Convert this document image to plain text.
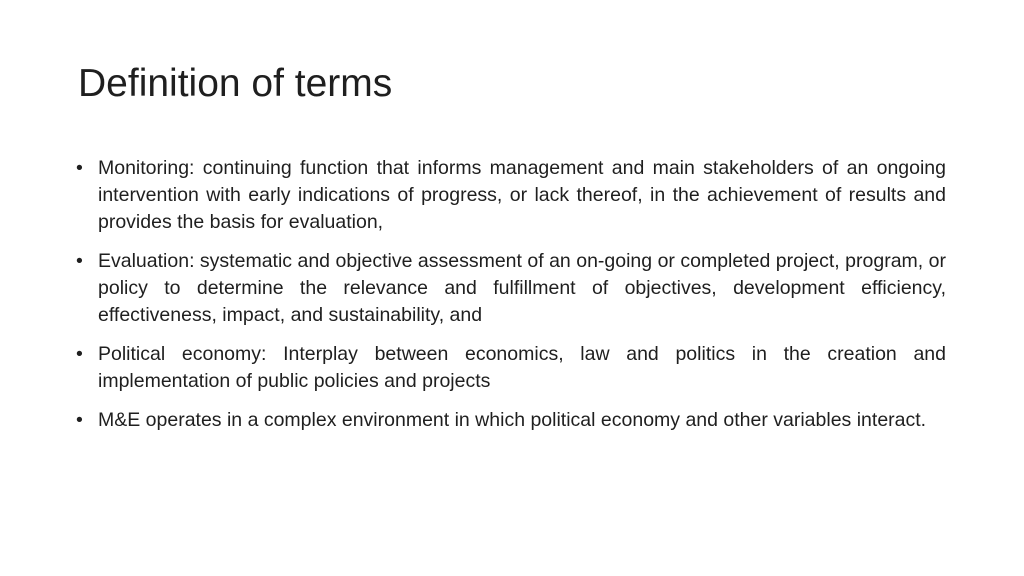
Definition of terms
• Monitoring: continuing function that informs management and main stakeholders of an ongoing intervention with early indications of progress, or lack thereof, in the achievement of results and provides the basis for evaluation,
• Evaluation: systematic and objective assessment of an on-going or completed project, program, or policy to determine the relevance and fulfillment of objectives, development efficiency, effectiveness, impact, and sustainability, and
• Political economy: Interplay between economics, law and politics in the creation and implementation of public policies and projects
• M&E operates in a complex environment in which political economy and other variables interact.
